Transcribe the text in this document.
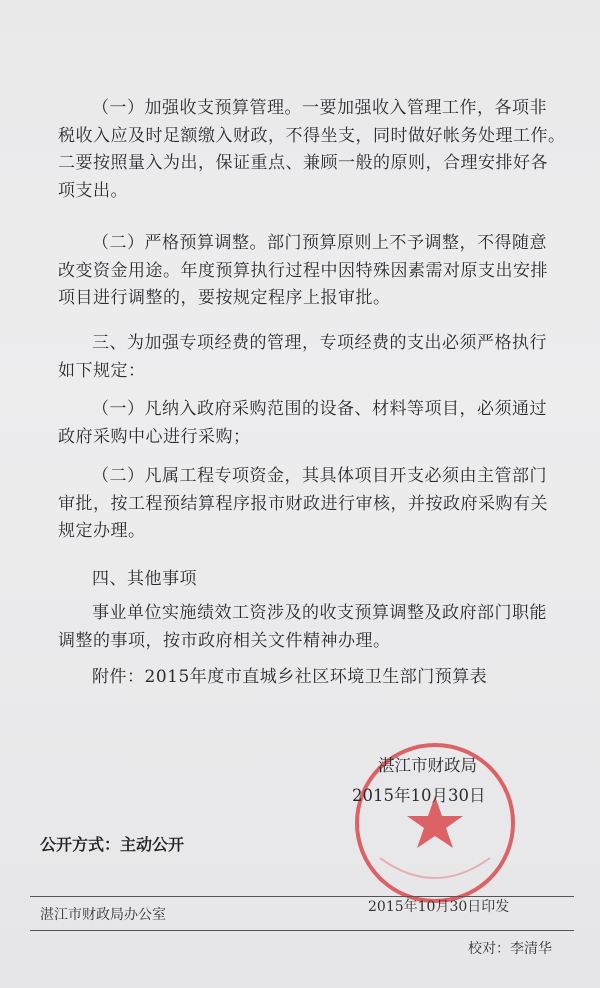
（一）加强收支预算管理。一要加强收入管理工作，各项非
税收入应及时足额缴入财政，不得坐支，同时做好帐务处理工作。
二要按照量入为出，保证重点、兼顾一般的原则，合理安排好各
项支出。
（二）严格预算调整。部门预算原则上不予调整，不得随意
改变资金用途。年度预算执行过程中因特殊因素需对原支出安排
项目进行调整的，要按规定程序上报审批。
三、为加强专项经费的管理，专项经费的支出必须严格执行
如下规定：
（一）凡纳入政府采购范围的设备、材料等项目，必须通过
政府采购中心进行采购；
（二）凡属工程专项资金，其具体项目开支必须由主管部门
审批，按工程预结算程序报市财政进行审核，并按政府采购有关
规定办理。
四、其他事项
事业单位实施绩效工资涉及的收支预算调整及政府部门职能
调整的事项，按市政府相关文件精神办理。
附件：2015年度市直城乡社区环境卫生部门预算表
湛江市财政局
2015年10月30日
公开方式：主动公开
湛江市财政局办公室	2015年10月30日印发
校对：李清华
